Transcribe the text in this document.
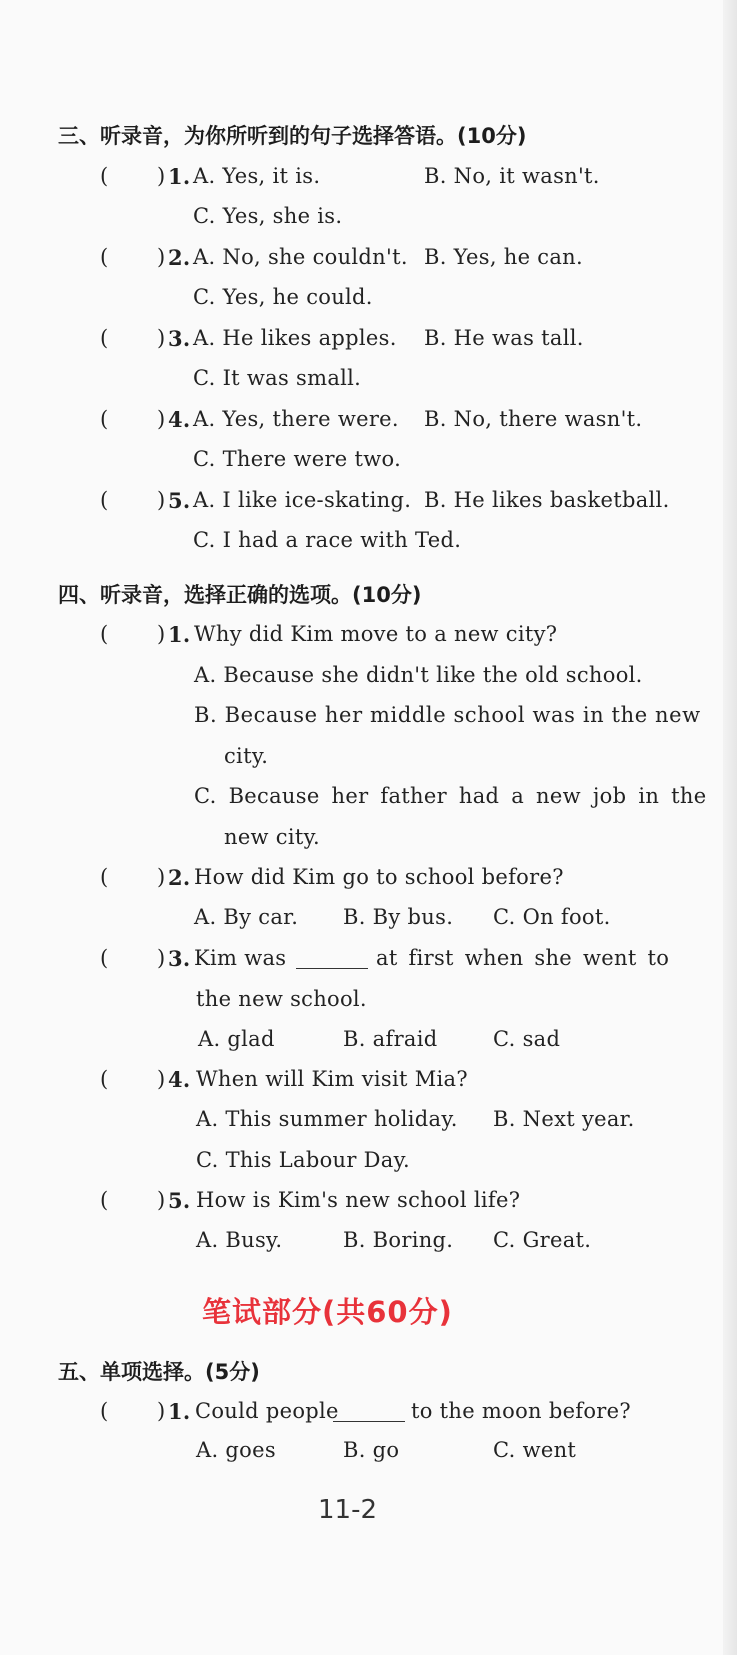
三、听录音，为你所听到的句子选择答语。(10分)
( ) 1. A. Yes, it is.	B. No, it wasn't.
C. Yes, she is.
( ) 2. A. No, she couldn't. B. Yes, he can.
C. Yes, he could.
( ) 3. A. He likes apples. B. He was tall.
C. It was small.
( ) 4. A. Yes, there were. B. No, there wasn't.
C. There were two.
( ) 5. A. I like ice-skating. B. He likes basketball.
C. I had a race with Ted.
四、听录音，选择正确的选项。(10分)
( ) 1. Why did Kim move to a new city?
A. Because she didn't like the old school.
B. Because her middle school was in the new
city.
C. Because her father had a new job in the
new city.
( ) 2. How did Kim go to school before?
A. By car. B. By bus. C. On foot.
( ) 3. Kim was	at first when she went to
the new school.
A. glad	B. afraid	C. sad
( ) 4. When will Kim visit Mia?
A. This summer holiday. B. Next year.
C. This Labour Day.
( ) 5. How is Kim's new school life?
A. Busy.	B. Boring. C. Great.
笔试部分(共60分)
五、单项选择。(5分)
( ) 1. Could people	to the moon before?
A. goes	B. go	C. went
11-2
